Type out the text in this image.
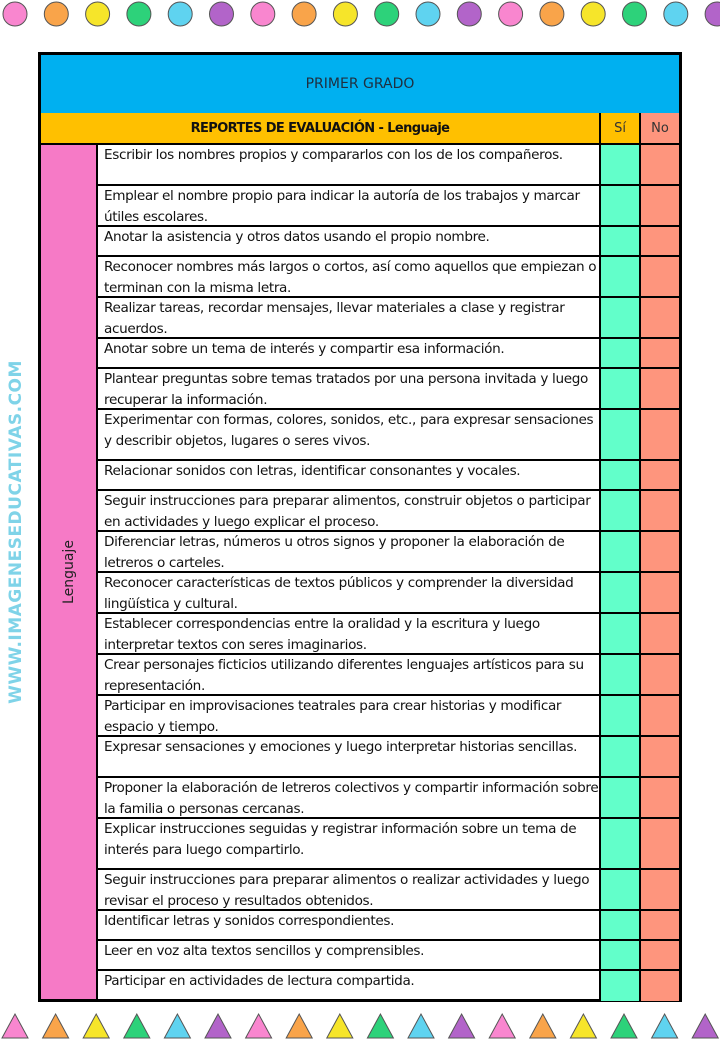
WWW.IMAGENESEDUCATIVAS.COM
PRIMER GRADO
REPORTES DE EVALUACIÓN - Lenguaje	Sí	No
Lenguaje
Escribir los nombres propios y compararlos con los de los compañeros.
Emplear el nombre propio para indicar la autoría de los trabajos y marcar útiles escolares.
Anotar la asistencia y otros datos usando el propio nombre.
Reconocer nombres más largos o cortos, así como aquellos que empiezan o terminan con la misma letra.
Realizar tareas, recordar mensajes, llevar materiales a clase y registrar acuerdos.
Anotar sobre un tema de interés y compartir esa información.
Plantear preguntas sobre temas tratados por una persona invitada y luego recuperar la información.
Experimentar con formas, colores, sonidos, etc., para expresar sensaciones y describir objetos, lugares o seres vivos.
Relacionar sonidos con letras, identificar consonantes y vocales.
Seguir instrucciones para preparar alimentos, construir objetos o participar en actividades y luego explicar el proceso.
Diferenciar letras, números u otros signos y proponer la elaboración de letreros o carteles.
Reconocer características de textos públicos y comprender la diversidad lingüística y cultural.
Establecer correspondencias entre la oralidad y la escritura y luego interpretar textos con seres imaginarios.
Crear personajes ficticios utilizando diferentes lenguajes artísticos para su representación.
Participar en improvisaciones teatrales para crear historias y modificar espacio y tiempo.
Expresar sensaciones y emociones y luego interpretar historias sencillas.
Proponer la elaboración de letreros colectivos y compartir información sobre la familia o personas cercanas.
Explicar instrucciones seguidas y registrar información sobre un tema de interés para luego compartirlo.
Seguir instrucciones para preparar alimentos o realizar actividades y luego revisar el proceso y resultados obtenidos.
Identificar letras y sonidos correspondientes.
Leer en voz alta textos sencillos y comprensibles.
Participar en actividades de lectura compartida.
